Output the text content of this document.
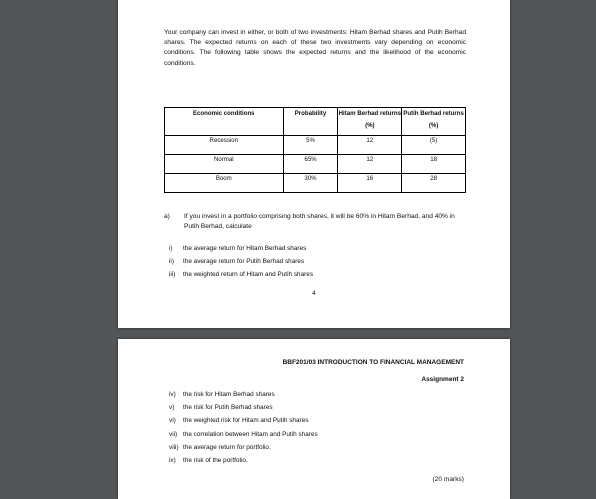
Your company can invest in either, or both of two investments: Hitam Berhad shares and Putih Berhad shares. The expected returns on each of these two investments vary depending on economic conditions. The following table shows the expected returns and the likelihood of the economic conditions.
Economic conditions	Probability	Hitam Berhad returns (%)	Putih Berhad returns (%)
Recession	5%	12	(5)
Normal	65%	12	18
Boom	30%	16	28
a) If you invest in a portfolio comprising both shares, it will be 60% in Hitam Berhad, and 40% in Putih Berhad, calculate
i) the average return for Hitam Berhad shares
ii) the average return for Putih Berhad shares
iii) the weighted return of Hitam and Putih shares
4
BBF201/03 INTRODUCTION TO FINANCIAL MANAGEMENT
Assignment 2
iv) the risk for Hitam Berhad shares
v) the risk for Putih Berhad shares
vi) the weighted risk for Hitam and Putih shares
vii) the correlation between Hitam and Putih shares
viii) the average return for portfolio.
ix) the risk of the portfolio.
(20 marks)
